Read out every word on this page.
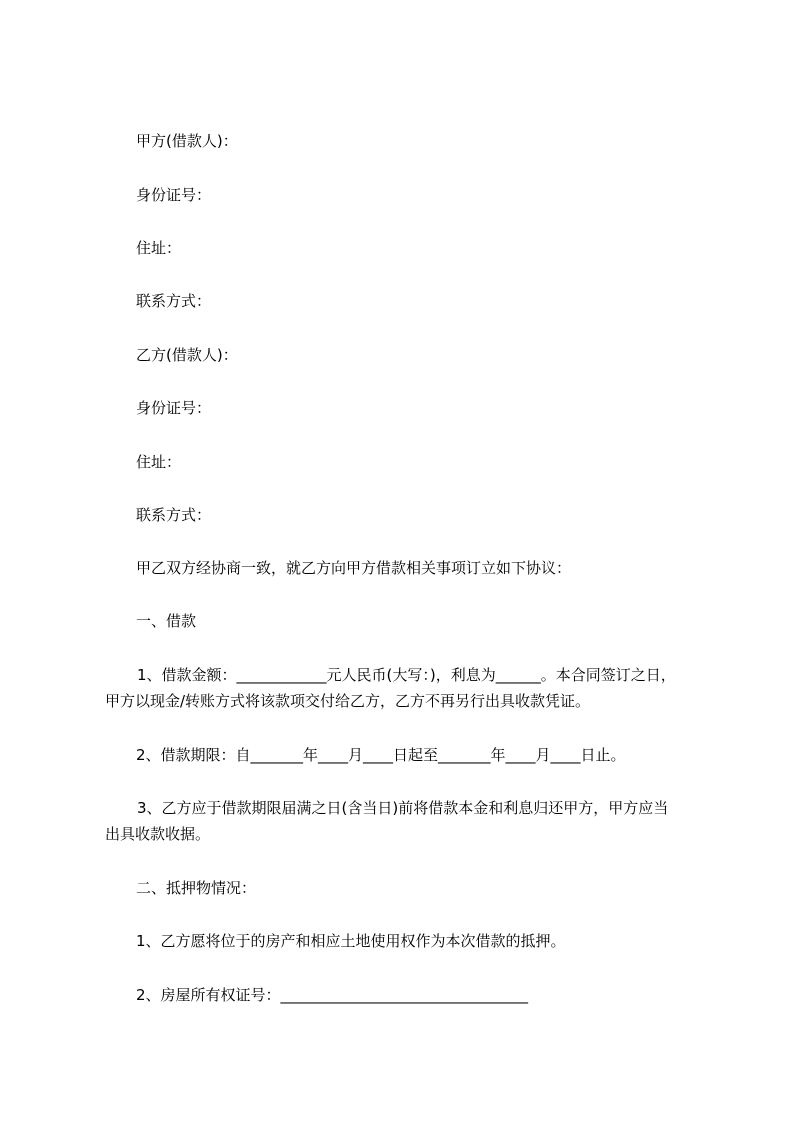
甲方(借款人)：
身份证号：
住址：
联系方式：
乙方(借款人)：
身份证号：
住址：
联系方式：
甲乙双方经协商一致，就乙方向甲方借款相关事项订立如下协议：
一、借款
1、借款金额：____________元人民币(大写：)，利息为______。本合同签订之日，
甲方以现金/转账方式将该款项交付给乙方，乙方不再另行出具收款凭证。
2、借款期限：自_______年____月____日起至_______年____月____日止。
3、乙方应于借款期限届满之日(含当日)前将借款本金和利息归还甲方，甲方应当
出具收款收据。
二、抵押物情况：
1、乙方愿将位于的房产和相应土地使用权作为本次借款的抵押。
2、房屋所有权证号：_________________________________
